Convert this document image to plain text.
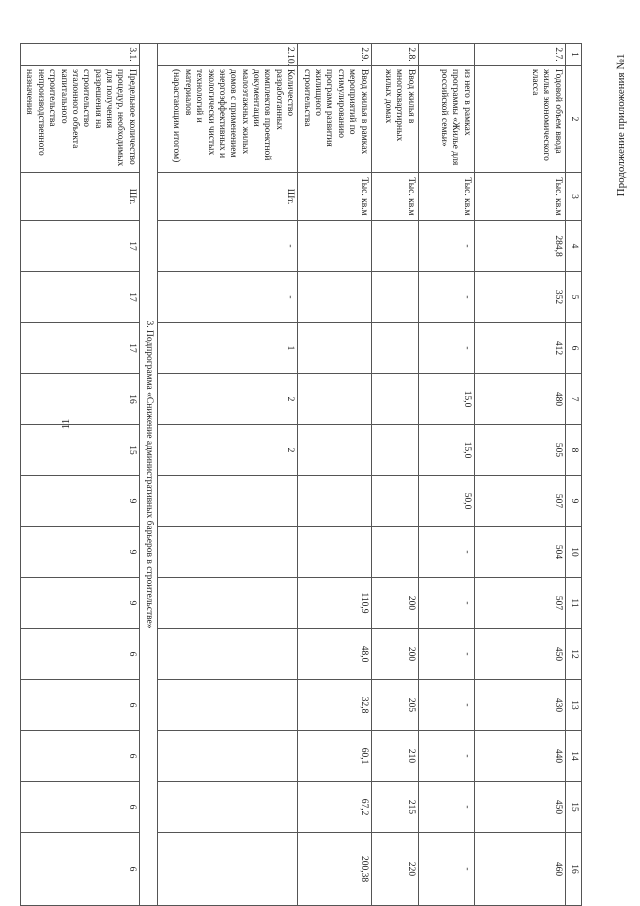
11
Продолжение приложения №1
1	2	3	4	5	6	7	8	9	10	11	12	13	14	15	16
2.7.	Годовой объем ввода жилья экономического класса	Тыс. кв.м	284,8	352	412	480	505	507	504	507	450	430	440	450	460
	из него в рамках программы «Жилье для российской семьи»	Тыс. кв.м	-	-	-	15,0	15,0	50,0	-	-	-	-	-	-	-
2.8.	Ввод жилья в многоквартирных жилых домах	Тыс. кв.м								200	200	205	210	215	220
2.9.	Ввод жилья в рамках мероприятий по стимулированию программ развития жилищного строительства	Тыс. кв.м								110,9	48,0	32,8	60,1	67,2	200,38
2.10.	Количество разработанных комплектов проектной документации малоэтажных жилых домов с применением энергоэффективных и экологически чистых технологий и материалов (нарастающим итогом)	Шт.	-	-	1	2	2								
3. Подпрограмма «Снижение административных барьеров в строительстве»															
3.1.	Предельное количество процедур, необходимых для получения разрешения на строительство эталонного объекта капитального строительства непроизводственного назначения	Шт.	17	17	17	16	15	9	9	9	6	6	6	6	6
